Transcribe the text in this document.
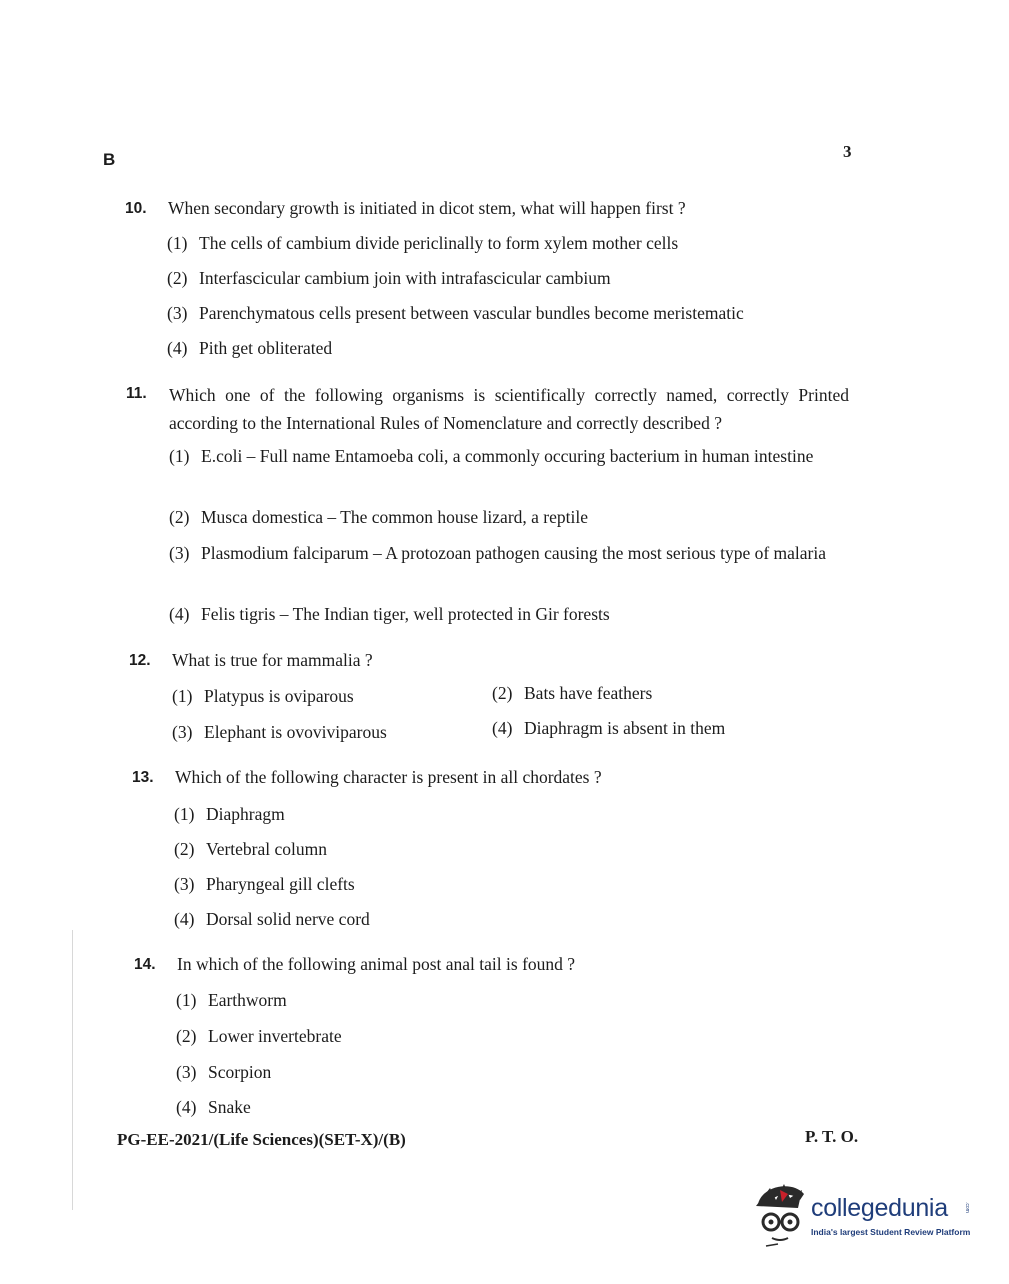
B	3
10. When secondary growth is initiated in dicot stem, what will happen first ?
(1) The cells of cambium divide periclinally to form xylem mother cells
(2) Interfascicular cambium join with intrafascicular cambium
(3) Parenchymatous cells present between vascular bundles become meristematic
(4) Pith get obliterated
11. Which one of the following organisms is scientifically correctly named, correctly Printed according to the International Rules of Nomenclature and correctly described ?
(1) E.coli – Full name Entamoeba coli, a commonly occuring bacterium in human intestine
(2) Musca domestica – The common house lizard, a reptile
(3) Plasmodium falciparum – A protozoan pathogen causing the most serious type of malaria
(4) Felis tigris – The Indian tiger, well protected in Gir forests
12. What is true for mammalia ?
(1) Platypus is oviparous	(2) Bats have feathers
(3) Elephant is ovoviviparous	(4) Diaphragm is absent in them
13. Which of the following character is present in all chordates ?
(1) Diaphragm
(2) Vertebral column
(3) Pharyngeal gill clefts
(4) Dorsal solid nerve cord
14. In which of the following animal post anal tail is found ?
(1) Earthworm
(2) Lower invertebrate
(3) Scorpion
(4) Snake
PG-EE-2021/(Life Sciences)(SET-X)/(B)	P. T. O.
collegedunia	.com
India's largest Student Review Platform
